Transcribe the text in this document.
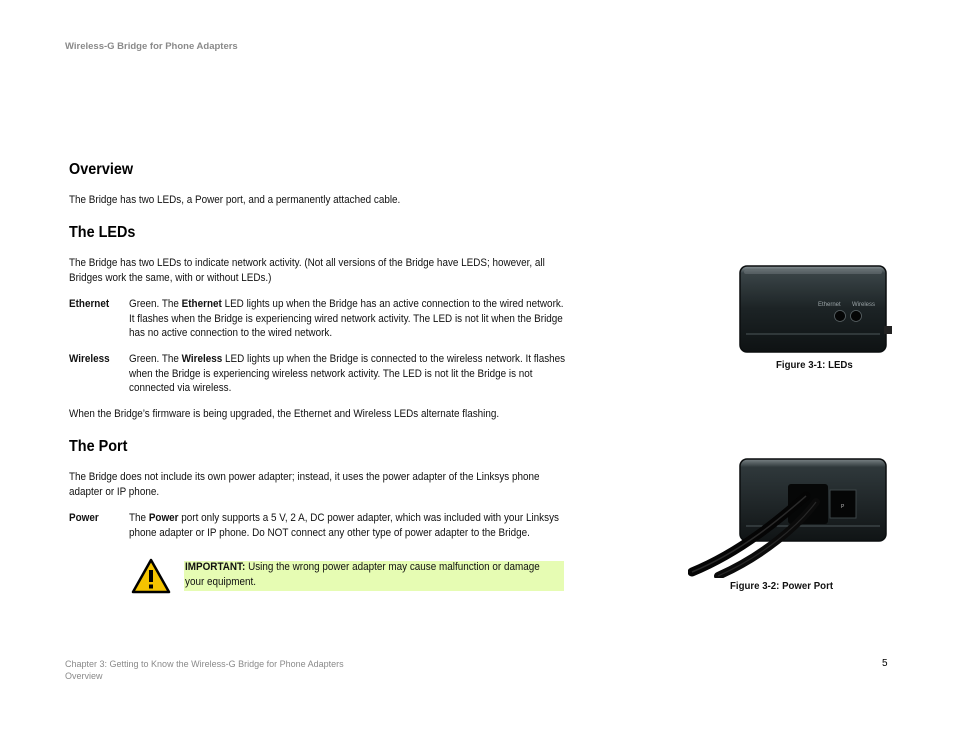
Wireless-G Bridge for Phone Adapters
Overview

The Bridge has two LEDs, a Power port, and a permanently attached cable.

The LEDs

The Bridge has two LEDs to indicate network activity. (Not all versions of the Bridge have LEDS; however, all
Bridges work the same, with or without LEDs.)

Ethernet Green. The Ethernet LED lights up when the Bridge has an active connection to the wired network.
It flashes when the Bridge is experiencing wired network activity. The LED is not lit when the Bridge
has no active connection to the wired network.
Wireless Green. The Wireless LED lights up when the Bridge is connected to the wireless network. It flashes
when the Bridge is experiencing wireless network activity. The LED is not lit the Bridge is not
connected via wireless.

When the Bridge’s firmware is being upgraded, the Ethernet and Wireless LEDs alternate flashing.

The Port

The Bridge does not include its own power adapter; instead, it uses the power adapter of the Linksys phone
adapter or IP phone.

Power	The Power port only supports a 5 V, 2 A, DC power adapter, which was included with your Linksys
phone adapter or IP phone. Do NOT connect any other type of power adapter to the Bridge.
IMPORTANT: Using the wrong power adapter may cause malfunction or damage
your equipment.
Ethernet Wireless
Figure 3-1: LEDs
P
Figure 3-2: Power Port
Chapter 3: Getting to Know the Wireless-G Bridge for Phone Adapters
Overview
5
